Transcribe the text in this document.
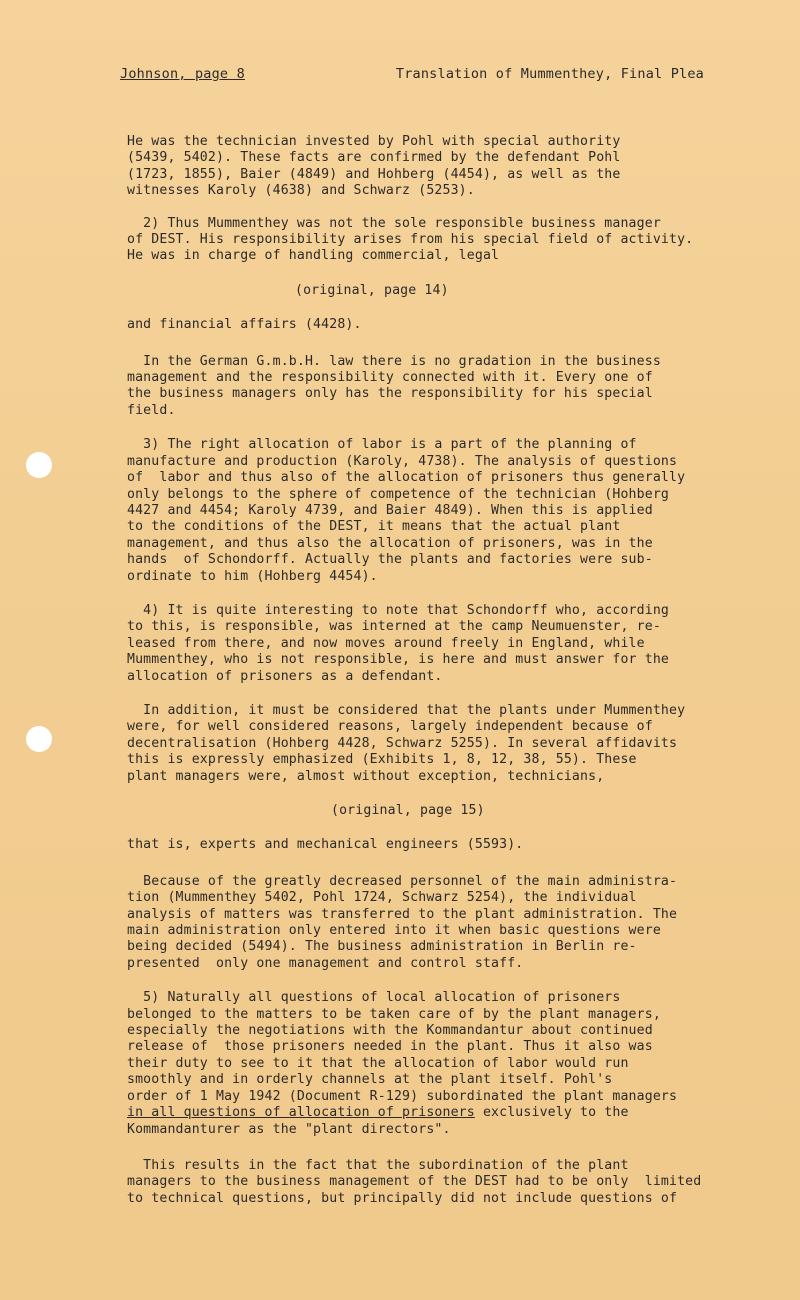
Johnson, page 8	Translation of Mummenthey, Final Plea

He was the technician invested by Pohl with special authority

(5439, 5402). These facts are confirmed by the defendant Pohl

(1723, 1855), Baier (4849) and Hohberg (4454), as well as the

witnesses Karoly (4638) and Schwarz (5253).

2) Thus Mummenthey was not the sole responsible business manager

of DEST. His responsibility arises from his special field of activity.

He was in charge of handling commercial, legal

(original, page 14)

and financial affairs (4428).

In the German G.m.b.H. law there is no gradation in the business

management and the responsibility connected with it. Every one of

the business managers only has the responsibility for his special

field.

3) The right allocation of labor is a part of the planning of

manufacture and production (Karoly, 4738). The analysis of questions

of  labor and thus also of the allocation of prisoners thus generally

only belongs to the sphere of competence of the technician (Hohberg

4427 and 4454; Karoly 4739, and Baier 4849). When this is applied

to the conditions of the DEST, it means that the actual plant

management, and thus also the allocation of prisoners, was in the

hands  of Schondorff. Actually the plants and factories were sub-

ordinate to him (Hohberg 4454).

4) It is quite interesting to note that Schondorff who, according

to this, is responsible, was interned at the camp Neumuenster, re-

leased from there, and now moves around freely in England, while

Mummenthey, who is not responsible, is here and must answer for the

allocation of prisoners as a defendant.

In addition, it must be considered that the plants under Mummenthey

were, for well considered reasons, largely independent because of

decentralisation (Hohberg 4428, Schwarz 5255). In several affidavits

this is expressly emphasized (Exhibits 1, 8, 12, 38, 55). These

plant managers were, almost without exception, technicians,

(original, page 15)

that is, experts and mechanical engineers (5593).

Because of the greatly decreased personnel of the main administra-

tion (Mummenthey 5402, Pohl 1724, Schwarz 5254), the individual

analysis of matters was transferred to the plant administration. The

main administration only entered into it when basic questions were

being decided (5494). The business administration in Berlin re-

presented  only one management and control staff.

5) Naturally all questions of local allocation of prisoners

belonged to the matters to be taken care of by the plant managers,

especially the negotiations with the Kommandantur about continued

release of  those prisoners needed in the plant. Thus it also was

their duty to see to it that the allocation of labor would run

smoothly and in orderly channels at the plant itself. Pohl's

order of 1 May 1942 (Document R-129) subordinated the plant managers

in all questions of allocation of prisoners exclusively to the

Kommandanturer as the "plant directors".

This results in the fact that the subordination of the plant

managers to the business management of the DEST had to be only  limited

to technical questions, but principally did not include questions of
